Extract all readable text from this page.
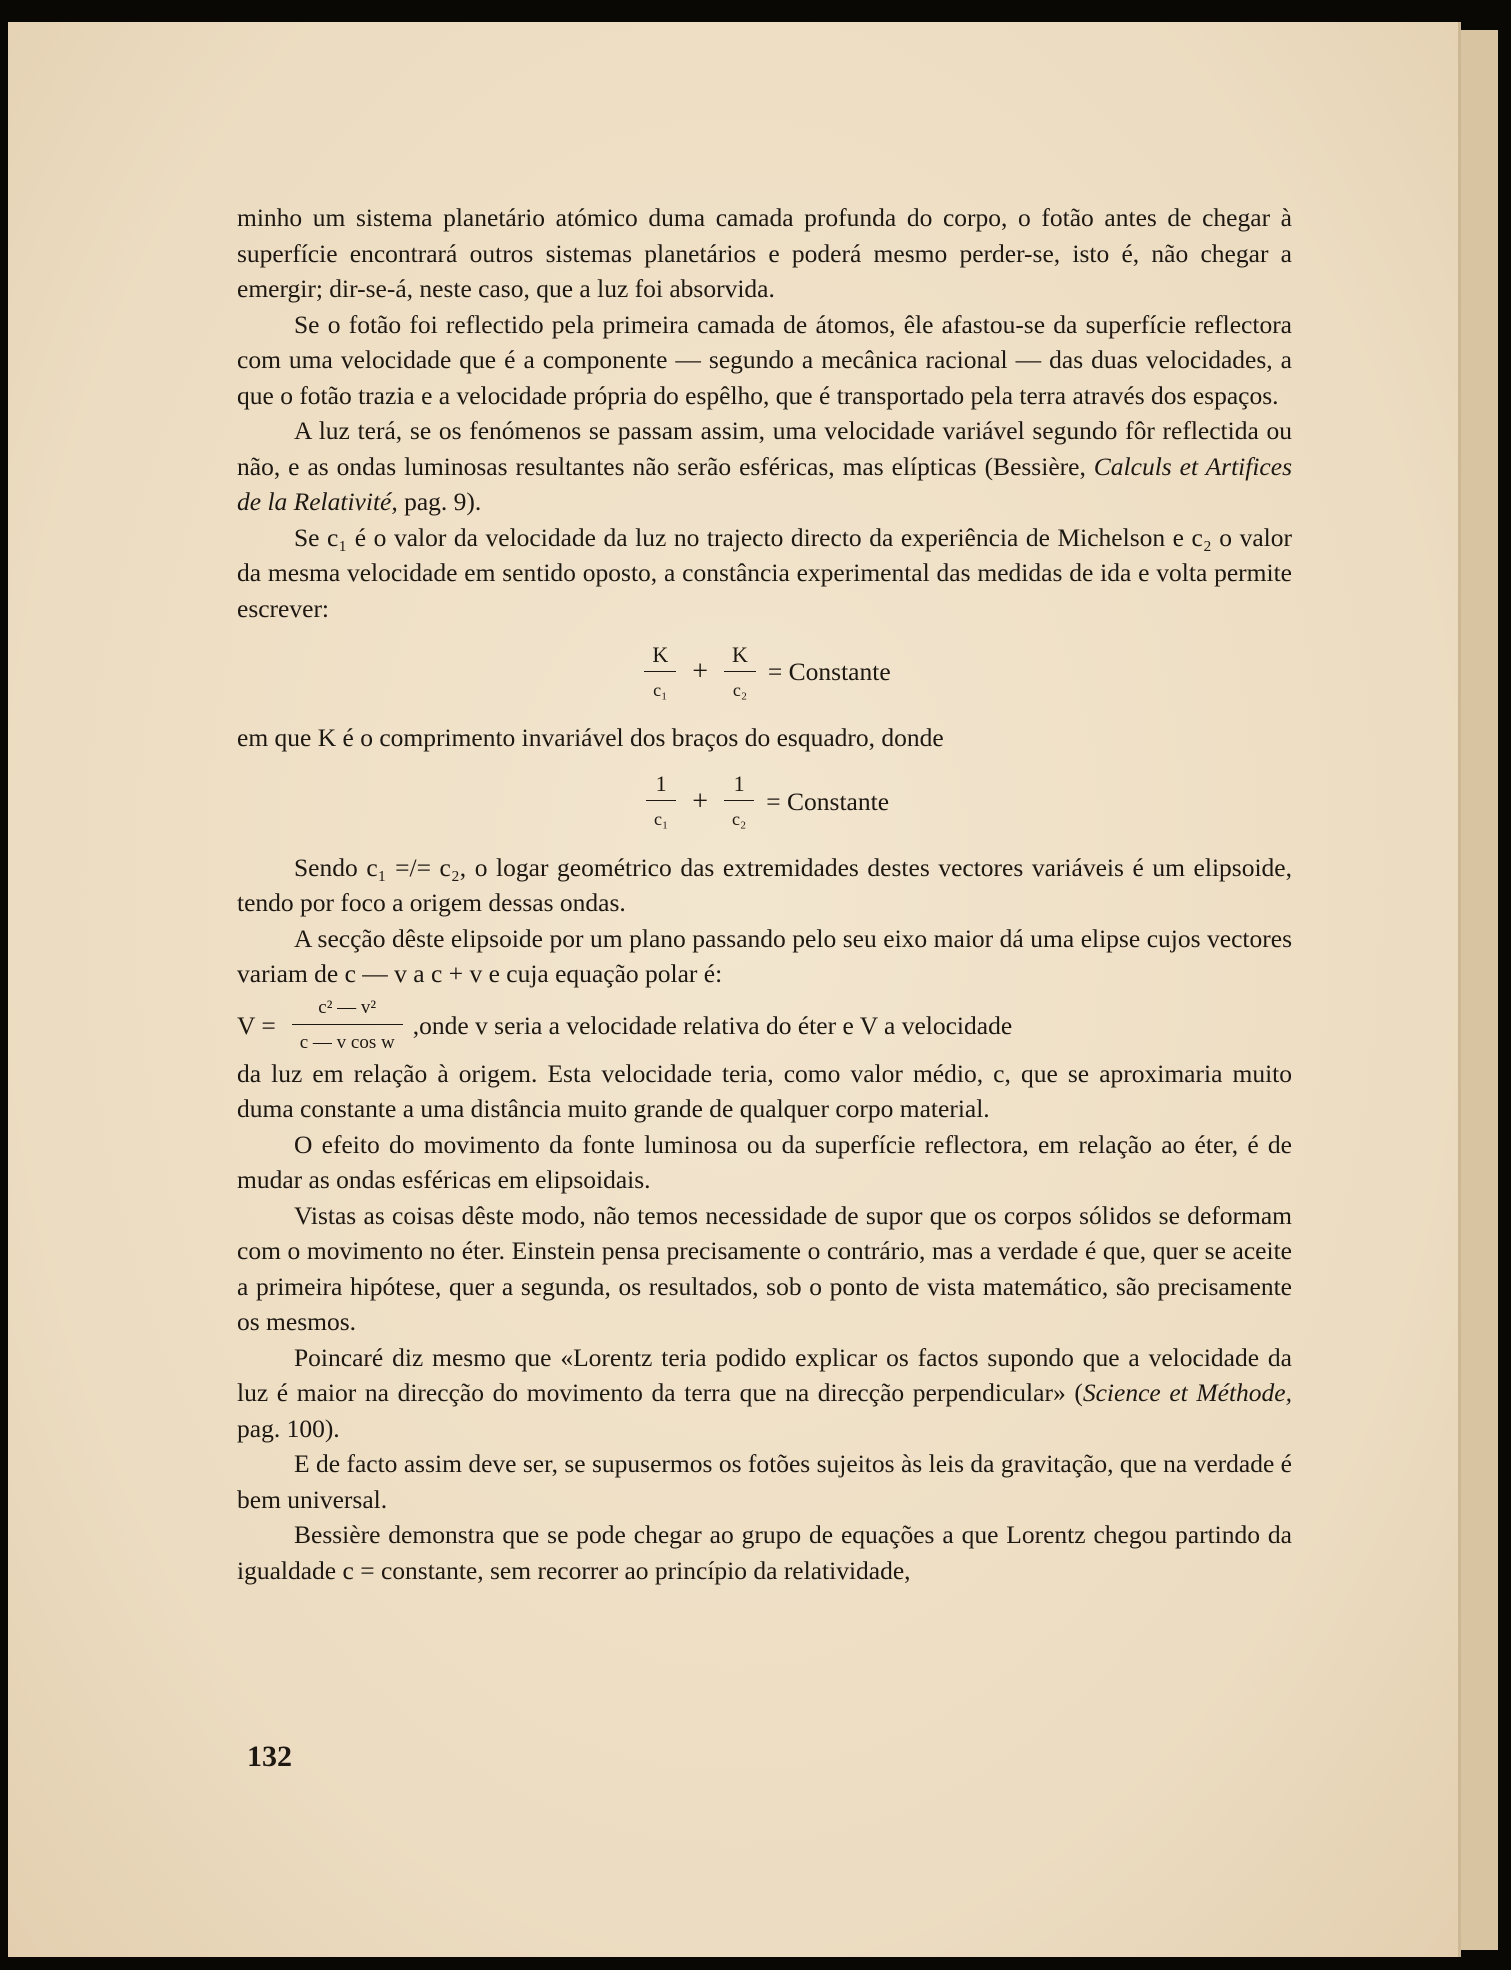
minho um sistema planetário atómico duma camada profunda do corpo, o fotão antes de chegar à superfície encontrará outros sistemas planetários e poderá mesmo perder-se, isto é, não chegar a emergir; dir-se-á, neste caso, que a luz foi absorvida.

Se o fotão foi reflectido pela primeira camada de átomos, êle afastou-se da superfície reflectora com uma velocidade que é a componente — segundo a mecânica racional — das duas velocidades, a que o fotão trazia e a velocidade própria do espêlho, que é transportado pela terra através dos espaços.

A luz terá, se os fenómenos se passam assim, uma velocidade variável segundo fôr reflectida ou não, e as ondas luminosas resultantes não serão esféricas, mas elípticas (Bessière, Calculs et Artifices de la Relativité, pag. 9).

Se c₁ é o valor da velocidade da luz no trajecto directo da experiência de Michelson e c₂ o valor da mesma velocidade em sentido oposto, a constância experimental das medidas de ida e volta permite escrever:

$\frac{K}{\text{c₁}} + \frac{K}{\text{c₂}}$ = Constante

em que K é o comprimento invariável dos braços do esquadro, donde

$\frac{1}{\text{c₁}} + \frac{1}{\text{c₂}}$ = Constante

Sendo c₁ =/= c₂, o logar geométrico das extremidades destes vectores variáveis é um elipsoide, tendo por foco a origem dessas ondas.

A secção dêste elipsoide por um plano passando pelo seu eixo maior dá uma elipse cujos vectores variam de c — v a c + v e cuja equação polar é:

$V = \frac{\text{c² — v²}}{\text{c — v cos w}}$ , onde v seria a velocidade relativa do éter e V a velocidade

da luz em relação à origem. Esta velocidade teria, como valor médio, c, que se aproximaria muito duma constante a uma distância muito grande de qualquer corpo material.

O efeito do movimento da fonte luminosa ou da superfície reflectora, em relação ao éter, é de mudar as ondas esféricas em elipsoidais.

Vistas as coisas dêste modo, não temos necessidade de supor que os corpos sólidos se deformam com o movimento no éter. Einstein pensa precisamente o contrário, mas a verdade é que, quer se aceite a primeira hipótese, quer a segunda, os resultados, sob o ponto de vista matemático, são precisamente os mesmos.

Poincaré diz mesmo que «Lorentz teria podido explicar os factos supondo que a velocidade da luz é maior na direcção do movimento da terra que na direcção perpendicular» (Science et Méthode, pag. 100).

E de facto assim deve ser, se supusermos os fotões sujeitos às leis da gravitação, que na verdade é bem universal.

Bessière demonstra que se pode chegar ao grupo de equações a que Lorentz chegou partindo da igualdade c = constante, sem recorrer ao princípio da relatividade,

132
